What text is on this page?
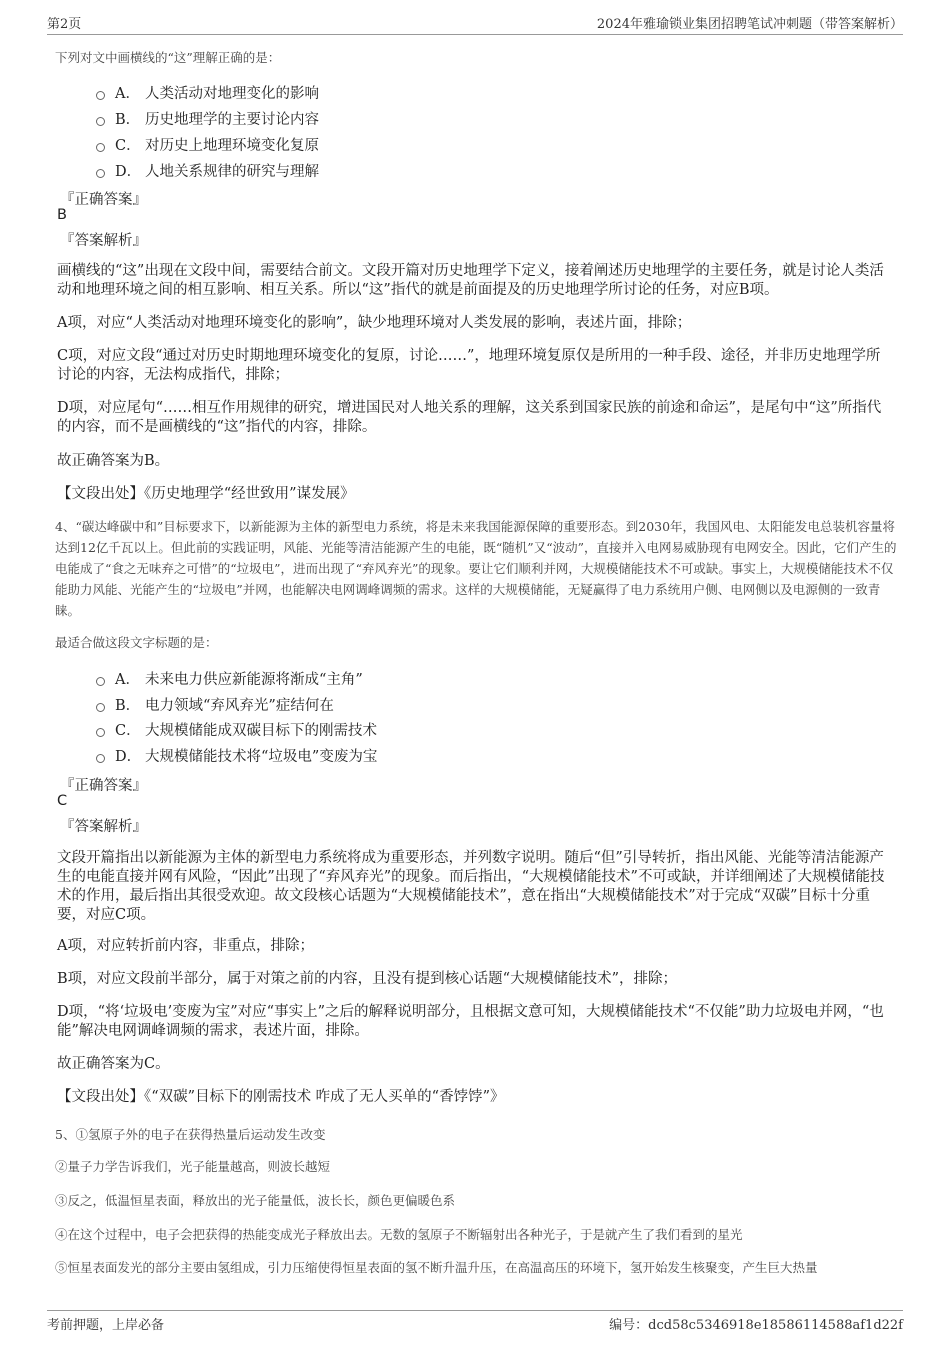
第2页	2024年雅瑜锁业集团招聘笔试冲刺题（带答案解析）
下列对文中画横线的“这”理解正确的是：
A． 人类活动对地理变化的影响
B． 历史地理学的主要讨论内容
C． 对历史上地理环境变化复原
D． 人地关系规律的研究与理解
『正确答案』
B
『答案解析』
画横线的“这”出现在文段中间，需要结合前文。文段开篇对历史地理学下定义，接着阐述历史地理学的主要任务，就是讨论人类活动和地理环境之间的相互影响、相互关系。所以“这”指代的就是前面提及的历史地理学所讨论的任务，对应B项。
A项，对应“人类活动对地理环境变化的影响”，缺少地理环境对人类发展的影响，表述片面，排除；
C项，对应文段“通过对历史时期地理环境变化的复原，讨论……”，地理环境复原仅是所用的一种手段、途径，并非历史地理学所讨论的内容，无法构成指代，排除；
D项，对应尾句“……相互作用规律的研究，增进国民对人地关系的理解，这关系到国家民族的前途和命运”，是尾句中“这”所指代的内容，而不是画横线的“这”指代的内容，排除。
故正确答案为B。
【文段出处】《历史地理学“经世致用”谋发展》
4、“碳达峰碳中和”目标要求下，以新能源为主体的新型电力系统，将是未来我国能源保障的重要形态。到2030年，我国风电、太阳能发电总装机容量将达到12亿千瓦以上。但此前的实践证明，风能、光能等清洁能源产生的电能，既“随机”又“波动”，直接并入电网易威胁现有电网安全。因此，它们产生的电能成了“食之无味弃之可惜”的“垃圾电”，进而出现了“弃风弃光”的现象。要让它们顺利并网，大规模储能技术不可或缺。事实上，大规模储能技术不仅能助力风能、光能产生的“垃圾电”并网，也能解决电网调峰调频的需求。这样的大规模储能，无疑赢得了电力系统用户侧、电网侧以及电源侧的一致青睐。
最适合做这段文字标题的是：
A． 未来电力供应新能源将渐成“主角”
B． 电力领域“弃风弃光”症结何在
C． 大规模储能成双碳目标下的刚需技术
D． 大规模储能技术将“垃圾电”变废为宝
『正确答案』
C
『答案解析』
文段开篇指出以新能源为主体的新型电力系统将成为重要形态，并列数字说明。随后“但”引导转折，指出风能、光能等清洁能源产生的电能直接并网有风险，“因此”出现了“弃风弃光”的现象。而后指出，“大规模储能技术”不可或缺，并详细阐述了大规模储能技术的作用，最后指出其很受欢迎。故文段核心话题为“大规模储能技术”，意在指出“大规模储能技术”对于完成“双碳”目标十分重要，对应C项。
A项，对应转折前内容，非重点，排除；
B项，对应文段前半部分，属于对策之前的内容，且没有提到核心话题“大规模储能技术”，排除；
D项，“将‘垃圾电’变废为宝”对应“事实上”之后的解释说明部分，且根据文意可知，大规模储能技术“不仅能”助力垃圾电并网，“也能”解决电网调峰调频的需求，表述片面，排除。
故正确答案为C。
【文段出处】《“双碳”目标下的刚需技术 咋成了无人买单的“香饽饽”》
5、①氢原子外的电子在获得热量后运动发生改变
②量子力学告诉我们，光子能量越高，则波长越短
③反之，低温恒星表面，释放出的光子能量低，波长长，颜色更偏暖色系
④在这个过程中，电子会把获得的热能变成光子释放出去。无数的氢原子不断辐射出各种光子，于是就产生了我们看到的星光
⑤恒星表面发光的部分主要由氢组成，引力压缩使得恒星表面的氢不断升温升压，在高温高压的环境下，氢开始发生核聚变，产生巨大热量
考前押题，上岸必备	编号：dcd58c5346918e18586114588af1d22f
